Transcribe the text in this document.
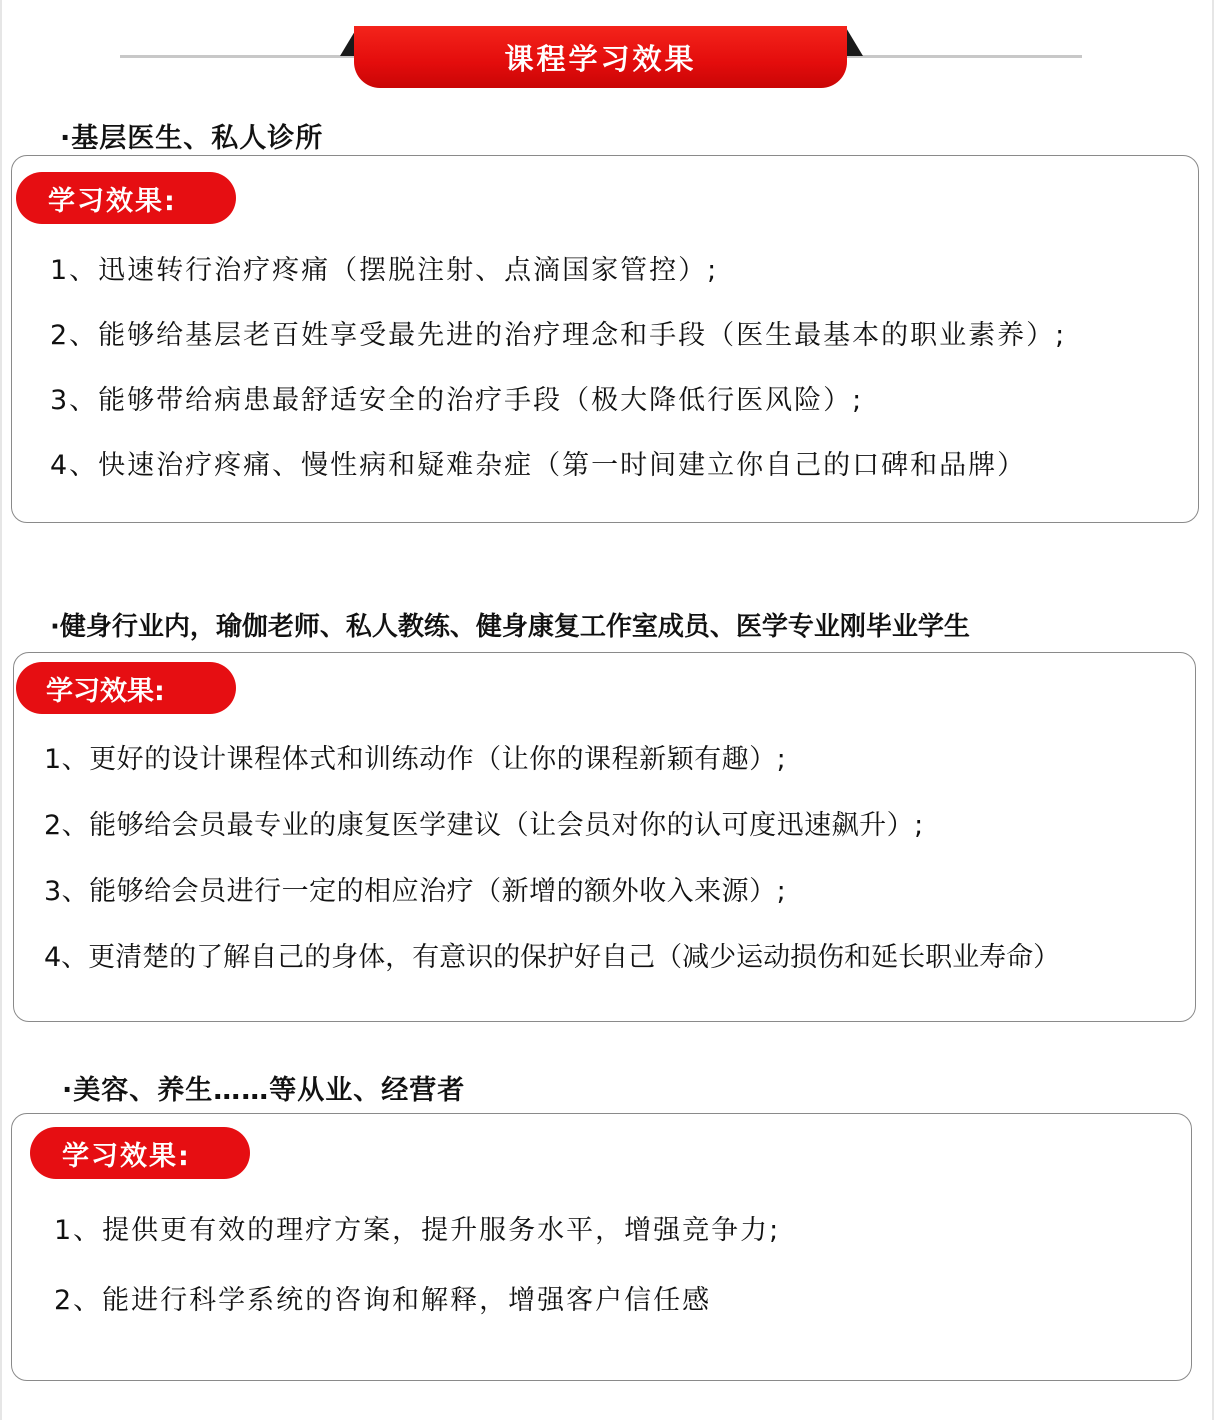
课程学习效果
·基层医生、私人诊所
学习效果:
1、迅速转行治疗疼痛（摆脱注射、点滴国家管控）;
2、能够给基层老百姓享受最先进的治疗理念和手段（医生最基本的职业素养）;
3、能够带给病患最舒适安全的治疗手段（极大降低行医风险）;
4、快速治疗疼痛、慢性病和疑难杂症（第一时间建立你自己的口碑和品牌）
·健身行业内，瑜伽老师、私人教练、健身康复工作室成员、医学专业刚毕业学生
学习效果:
1、更好的设计课程体式和训练动作（让你的课程新颖有趣）;
2、能够给会员最专业的康复医学建议（让会员对你的认可度迅速飙升）;
3、能够给会员进行一定的相应治疗（新增的额外收入来源）;
4、更清楚的了解自己的身体，有意识的保护好自己（减少运动损伤和延长职业寿命）
·美容、养生……等从业、经营者
学习效果:
1、提供更有效的理疗方案，提升服务水平，增强竞争力;
2、能进行科学系统的咨询和解释，增强客户信任感
